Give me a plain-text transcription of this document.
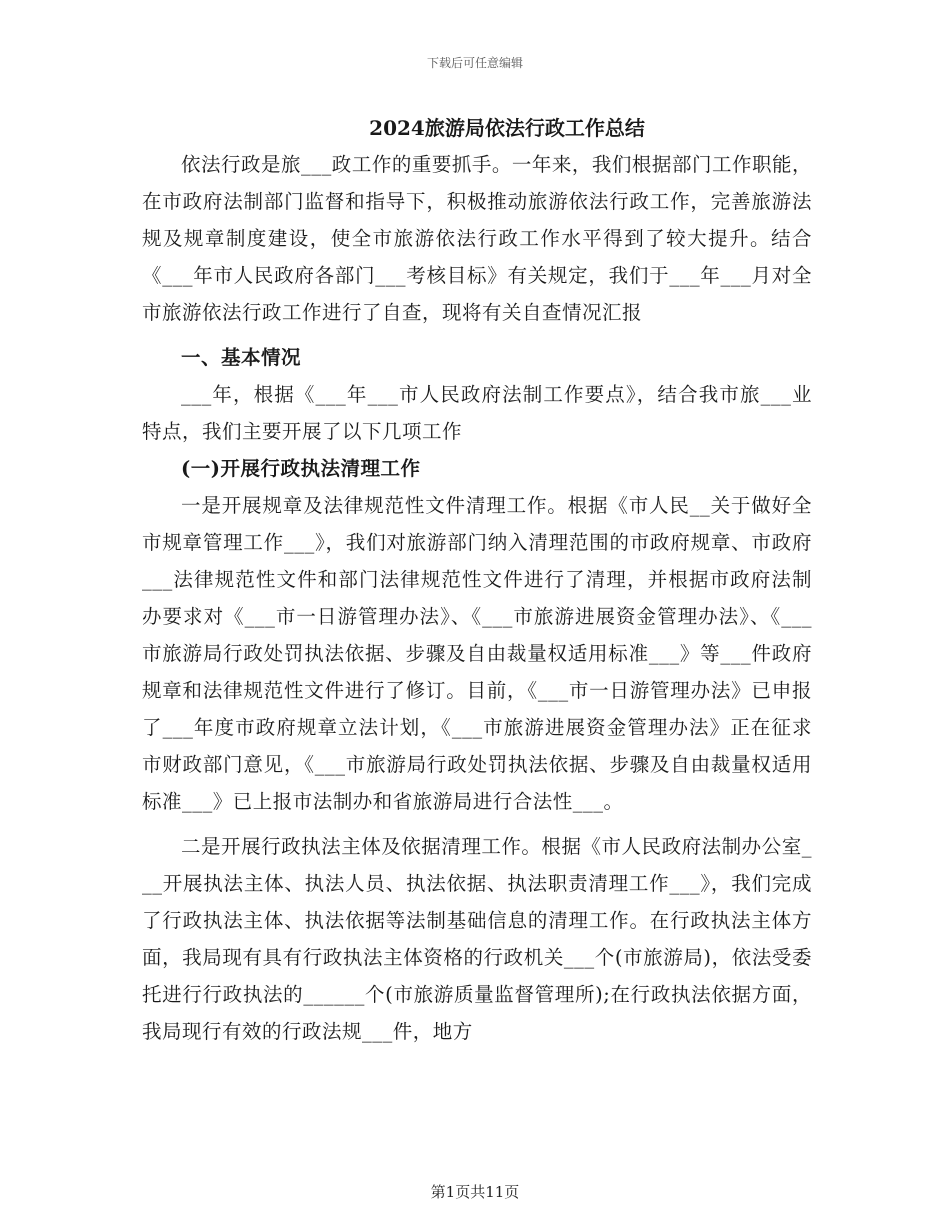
下载后可任意编辑
2024旅游局依法行政工作总结

依法行政是旅___政工作的重要抓手。一年来，我们根据部门工作职能，在市政府法制部门监督和指导下，积极推动旅游依法行政工作，完善旅游法规及规章制度建设，使全市旅游依法行政工作水平得到了较大提升。结合《___年市人民政府各部门___考核目标》有关规定，我们于___年___月对全市旅游依法行政工作进行了自查，现将有关自查情况汇报

一、基本情况

___年，根据《___年___市人民政府法制工作要点》，结合我市旅___业特点，我们主要开展了以下几项工作

(一)开展行政执法清理工作

一是开展规章及法律规范性文件清理工作。根据《市人民__关于做好全市规章管理工作___》，我们对旅游部门纳入清理范围的市政府规章、市政府___法律规范性文件和部门法律规范性文件进行了清理，并根据市政府法制办要求对《___市一日游管理办法》、《___市旅游进展资金管理办法》、《___市旅游局行政处罚执法依据、步骤及自由裁量权适用标准___》等___件政府规章和法律规范性文件进行了修订。目前，《___市一日游管理办法》已申报了___年度市政府规章立法计划，《___市旅游进展资金管理办法》正在征求市财政部门意见，《___市旅游局行政处罚执法依据、步骤及自由裁量权适用标准___》已上报市法制办和省旅游局进行合法性___。

二是开展行政执法主体及依据清理工作。根据《市人民政府法制办公室___开展执法主体、执法人员、执法依据、执法职责清理工作___》，我们完成了行政执法主体、执法依据等法制基础信息的清理工作。在行政执法主体方面，我局现有具有行政执法主体资格的行政机关___个(市旅游局)，依法受委托进行行政执法的______个(市旅游质量监督管理所);在行政执法依据方面，我局现行有效的行政法规___件，地方

第1页共11页
